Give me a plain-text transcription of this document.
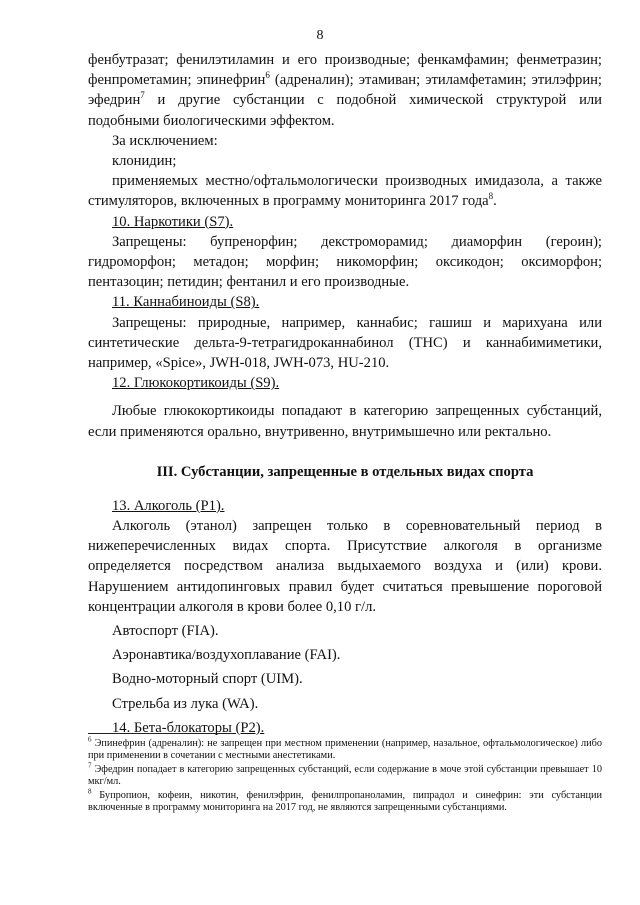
8

фенбутразат; фенилэтиламин и его производные; фенкамфамин; фенметразин; фенпрометамин; эпинефрин$^6$ (адреналин); этамиван; этиламфетамин; этилэфрин; эфедрин$^7$ и другие субстанции с подобной химической структурой или подобными биологическими эффектом.

За исключением:

клонидин;

применяемых местно/офтальмологически производных имидазола, а также стимуляторов, включенных в программу мониторинга 2017 года$^8$.

10. Наркотики (S7).

Запрещены: бупренорфин; декстроморамид; диаморфин (героин); гидроморфон; метадон; морфин; никоморфин; оксикодон; оксиморфон; пентазоцин; петидин; фентанил и его производные.

11. Каннабиноиды (S8).

Запрещены: природные, например, каннабис; гашиш и марихуана или синтетические дельта-9-тетрагидроканнабинол (ТНС) и каннабимиметики, например, «Spice», JWH-018, JWH-073, HU-210.

12. Глюкокортикоиды (S9).

Любые глюкокортикоиды попадают в категорию запрещенных субстанций, если применяются орально, внутривенно, внутримышечно или ректально.

III. Субстанции, запрещенные в отдельных видах спорта

13. Алкоголь (Р1).

Алкоголь (этанол) запрещен только в соревновательный период в нижеперечисленных видах спорта. Присутствие алкоголя в организме определяется посредством анализа выдыхаемого воздуха и (или) крови. Нарушением антидопинговых правил будет считаться превышение пороговой концентрации алкоголя в крови более 0,10 г/л.

Автоспорт (FIA).

Аэронавтика/воздухоплавание (FAI).

Водно-моторный спорт (UIM).

Стрельба из лука (WA).

14. Бета-блокаторы (Р2).

$^6$ Эпинефрин (адреналин): не запрещен при местном применении (например, назальное, офтальмологическое) либо при применении в сочетании с местными анестетиками.

$^7$ Эфедрин попадает в категорию запрещенных субстанций, если содержание в моче этой субстанции превышает 10 мкг/мл.

$^8$ Бупропион, кофеин, никотин, фенилэфрин, фенилпропаноламин, пипрадол и синефрин: эти субстанции включенные в программу мониторинга на 2017 год, не являются запрещенными субстанциями.
